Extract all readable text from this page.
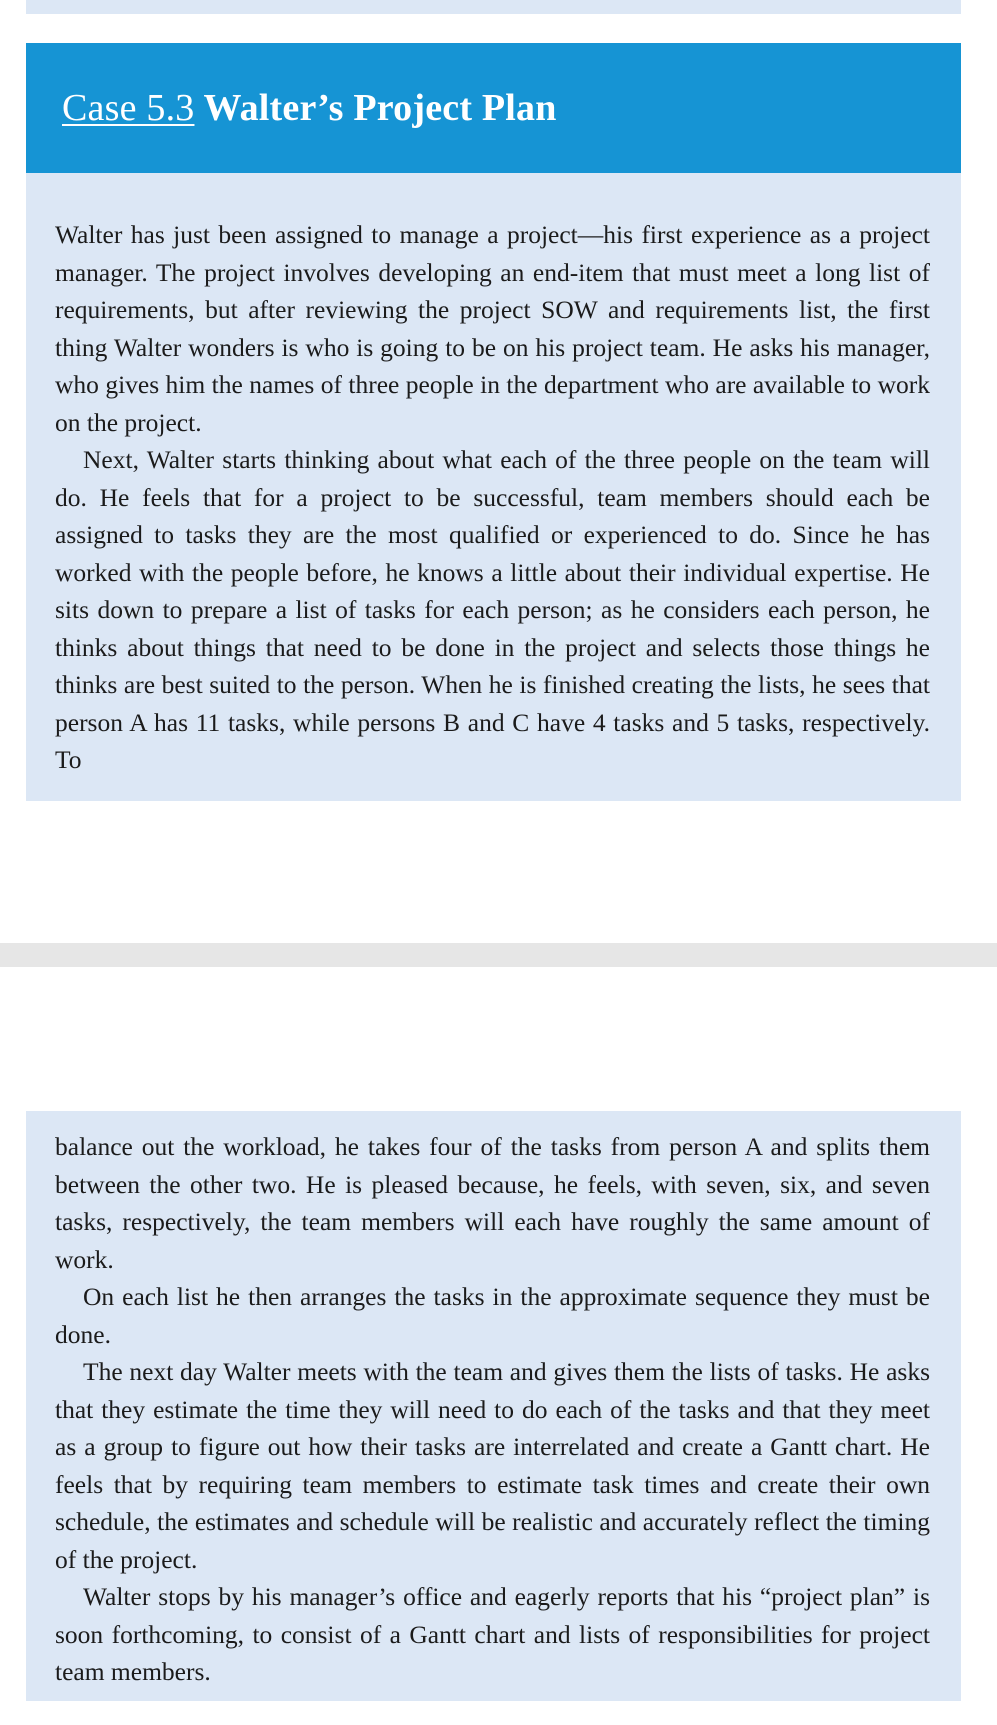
Case 5.3 Walter’s Project Plan

Walter has just been assigned to manage a project—his first experience as a project manager. The project involves developing an end-item that must meet a long list of requirements, but after reviewing the project SOW and requirements list, the first thing Walter wonders is who is going to be on his project team. He asks his manager, who gives him the names of three people in the department who are available to work on the project.

Next, Walter starts thinking about what each of the three people on the team will do. He feels that for a project to be successful, team members should each be assigned to tasks they are the most qualified or experienced to do. Since he has worked with the people before, he knows a little about their individual expertise. He sits down to prepare a list of tasks for each person; as he considers each person, he thinks about things that need to be done in the project and selects those things he thinks are best suited to the person. When he is finished creating the lists, he sees that person A has 11 tasks, while persons B and C have 4 tasks and 5 tasks, respectively. To

balance out the workload, he takes four of the tasks from person A and splits them between the other two. He is pleased because, he feels, with seven, six, and seven tasks, respectively, the team members will each have roughly the same amount of work.

On each list he then arranges the tasks in the approximate sequence they must be done.

The next day Walter meets with the team and gives them the lists of tasks. He asks that they estimate the time they will need to do each of the tasks and that they meet as a group to figure out how their tasks are interrelated and create a Gantt chart. He feels that by requiring team members to estimate task times and create their own schedule, the estimates and schedule will be realistic and accurately reflect the timing of the project.

Walter stops by his manager’s office and eagerly reports that his “project plan” is soon forthcoming, to consist of a Gantt chart and lists of responsibilities for project team members.
